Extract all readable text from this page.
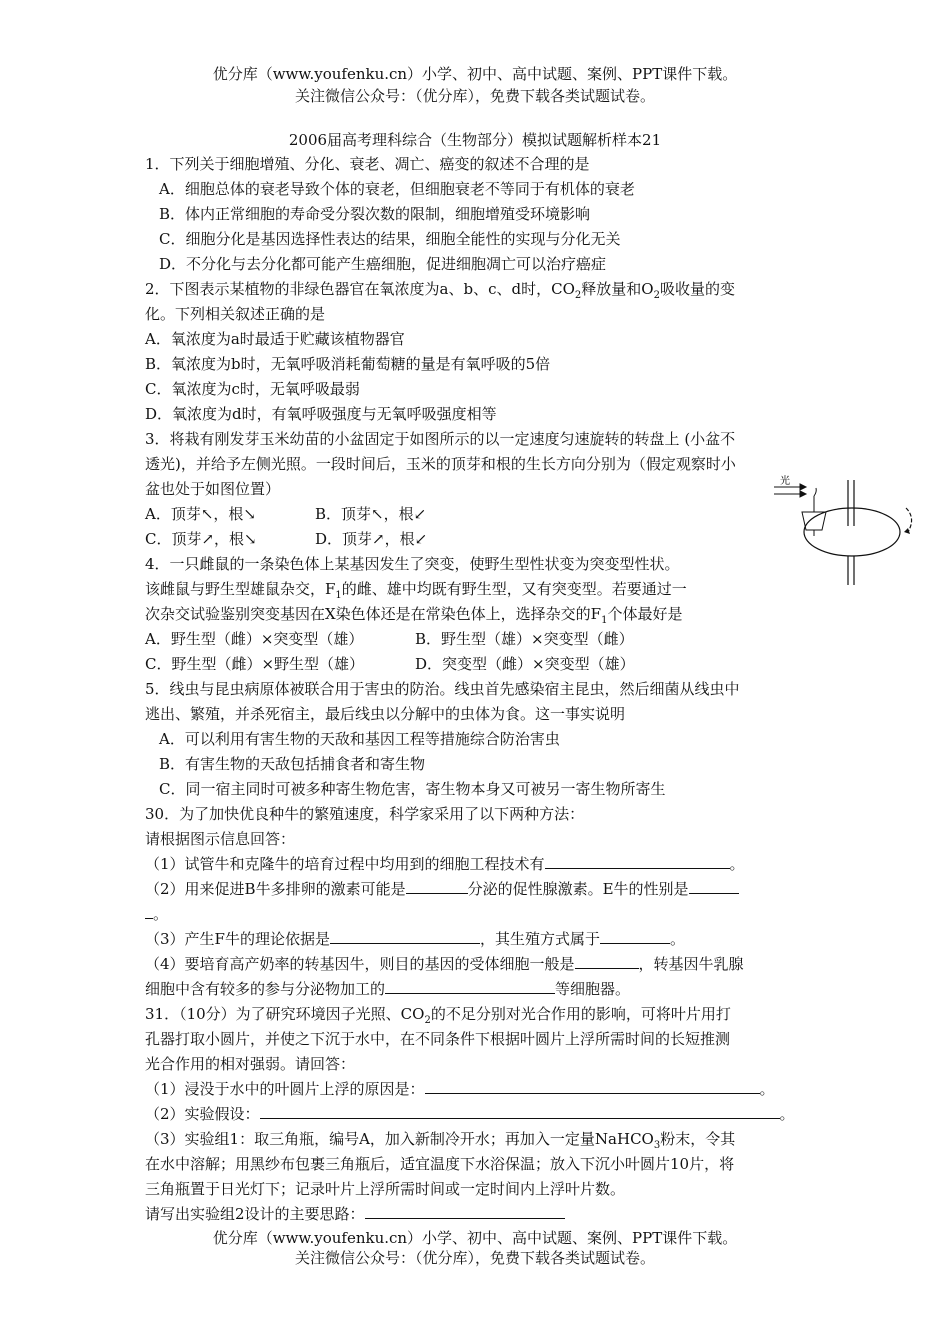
优分库（www.youfenku.cn）小学、初中、高中试题、案例、PPT课件下载。
关注微信公众号：（优分库），免费下载各类试题试卷。
2006届高考理科综合（生物部分）模拟试题解析样本21
1．下列关于细胞增殖、分化、衰老、凋亡、癌变的叙述不合理的是
A．细胞总体的衰老导致个体的衰老，但细胞衰老不等同于有机体的衰老
B．体内正常细胞的寿命受分裂次数的限制，细胞增殖受环境影响
C．细胞分化是基因选择性表达的结果，细胞全能性的实现与分化无关
D．不分化与去分化都可能产生癌细胞，促进细胞凋亡可以治疗癌症
2．下图表示某植物的非绿色器官在氧浓度为a、b、c、d时，$CO_2$释放量和$O_2$吸收量的变
化。下列相关叙述正确的是
A．氧浓度为a时最适于贮藏该植物器官
B．氧浓度为b时，无氧呼吸消耗葡萄糖的量是有氧呼吸的5倍
C．氧浓度为c时，无氧呼吸最弱
D．氧浓度为d时，有氧呼吸强度与无氧呼吸强度相等
3．将栽有刚发芽玉米幼苗的小盆固定于如图所示的以一定速度匀速旋转的转盘上 (小盆不
透光)，并给予左侧光照。一段时间后，玉米的顶芽和根的生长方向分别为（假定观察时小
盆也处于如图位置）
A．顶芽↖，根↘	B．顶芽↖，根↙
C．顶芽↗，根↘	D．顶芽↗，根↙
4．一只雌鼠的一条染色体上某基因发生了突变，使野生型性状变为突变型性状。
该雌鼠与野生型雄鼠杂交，$F_1$的雌、雄中均既有野生型，又有突变型。若要通过一
次杂交试验鉴别突变基因在X染色体还是在常染色体上，选择杂交的$F_1$个体最好是
A．野生型（雌）×突变型（雄）	B．野生型（雄）×突变型（雌）
C．野生型（雌）×野生型（雄）	D．突变型（雌）×突变型（雄）
5．线虫与昆虫病原体被联合用于害虫的防治。线虫首先感染宿主昆虫，然后细菌从线虫中
逃出、繁殖，并杀死宿主，最后线虫以分解中的虫体为食。这一事实说明
A．可以利用有害生物的天敌和基因工程等措施综合防治害虫
B．有害生物的天敌包括捕食者和寄生物
C．同一宿主同时可被多种寄生物危害，寄生物本身又可被另一寄生物所寄生
30．为了加快优良种牛的繁殖速度，科学家采用了以下两种方法：
请根据图示信息回答：
（1）试管牛和克隆牛的培育过程中均用到的细胞工程技术有	。
（2）用来促进B牛多排卵的激素可能是	分泌的促性腺激素。E牛的性别是
。
（3）产生F牛的理论依据是	，其生殖方式属于	。
（4）要培育高产奶率的转基因牛，则目的基因的受体细胞一般是	，转基因牛乳腺
细胞中含有较多的参与分泌物加工的	等细胞器。
31．（10分）为了研究环境因子光照、$CO_2$的不足分别对光合作用的影响，可将叶片用打
孔器打取小圆片，并使之下沉于水中，在不同条件下根据叶圆片上浮所需时间的长短推测
光合作用的相对强弱。请回答：
（1）浸没于水中的叶圆片上浮的原因是：	。
（2）实验假设：	。
（3）实验组1：取三角瓶，编号A，加入新制冷开水；再加入一定量NaHCO$_3$粉末，令其
在水中溶解；用黑纱布包裹三角瓶后，适宜温度下水浴保温；放入下沉小叶圆片10片，将
三角瓶置于日光灯下；记录叶片上浮所需时间或一定时间内上浮叶片数。
请写出实验组2设计的主要思路：
光
优分库（www.youfenku.cn）小学、初中、高中试题、案例、PPT课件下载。
关注微信公众号：（优分库），免费下载各类试题试卷。
